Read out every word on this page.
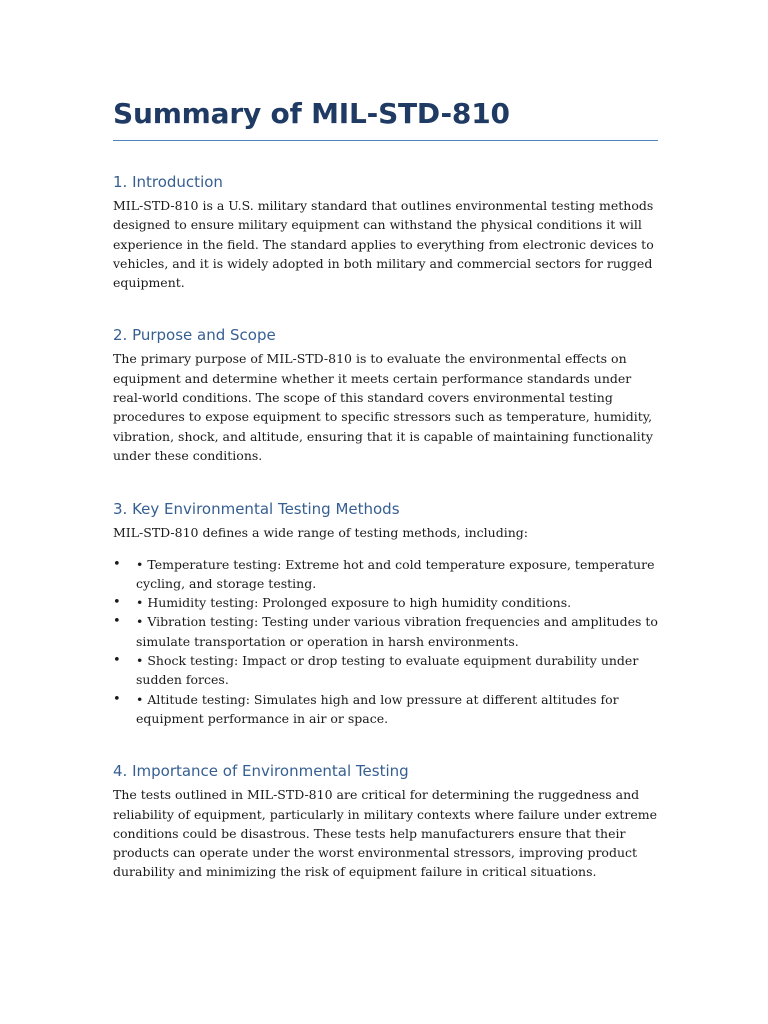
Summary of MIL-STD-810
1. Introduction

MIL-STD-810 is a U.S. military standard that outlines environmental testing methods designed to ensure military equipment can withstand the physical conditions it will experience in the field. The standard applies to everything from electronic devices to vehicles, and it is widely adopted in both military and commercial sectors for rugged equipment.

2. Purpose and Scope

The primary purpose of MIL-STD-810 is to evaluate the environmental effects on equipment and determine whether it meets certain performance standards under real-world conditions. The scope of this standard covers environmental testing procedures to expose equipment to specific stressors such as temperature, humidity, vibration, shock, and altitude, ensuring that it is capable of maintaining functionality under these conditions.

3. Key Environmental Testing Methods

MIL-STD-810 defines a wide range of testing methods, including:

• • Temperature testing: Extreme hot and cold temperature exposure, temperature cycling, and storage testing.
• • Humidity testing: Prolonged exposure to high humidity conditions.
• • Vibration testing: Testing under various vibration frequencies and amplitudes to simulate transportation or operation in harsh environments.
• • Shock testing: Impact or drop testing to evaluate equipment durability under sudden forces.
• • Altitude testing: Simulates high and low pressure at different altitudes for equipment performance in air or space.
4. Importance of Environmental Testing

The tests outlined in MIL-STD-810 are critical for determining the ruggedness and reliability of equipment, particularly in military contexts where failure under extreme conditions could be disastrous. These tests help manufacturers ensure that their products can operate under the worst environmental stressors, improving product durability and minimizing the risk of equipment failure in critical situations.
